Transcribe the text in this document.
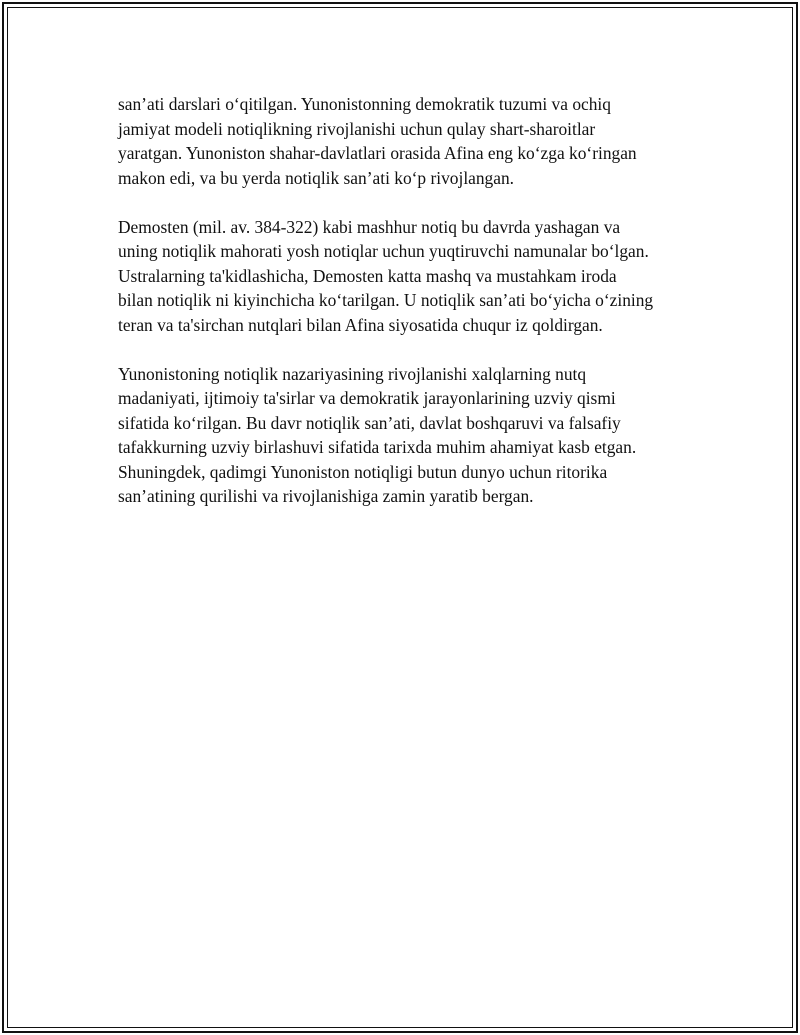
san’ati darslari o‘qitilgan. Yunonistonning demokratik tuzumi va ochiq
jamiyat modeli notiqlikning rivojlanishi uchun qulay shart-sharoitlar
yaratgan. Yunoniston shahar-davlatlari orasida Afina eng ko‘zga ko‘ringan
makon edi, va bu yerda notiqlik san’ati ko‘p rivojlangan.

Demosten (mil. av. 384-322) kabi mashhur notiq bu davrda yashagan va
uning notiqlik mahorati yosh notiqlar uchun yuqtiruvchi namunalar bo‘lgan.
Ustralarning ta'kidlashicha, Demosten katta mashq va mustahkam iroda
bilan notiqlik ni kiyinchicha ko‘tarilgan. U notiqlik san’ati bo‘yicha o‘zining
teran va ta'sirchan nutqlari bilan Afina siyosatida chuqur iz qoldirgan.

Yunonistoning notiqlik nazariyasining rivojlanishi xalqlarning nutq
madaniyati, ijtimoiy ta'sirlar va demokratik jarayonlarining uzviy qismi
sifatida ko‘rilgan. Bu davr notiqlik san’ati, davlat boshqaruvi va falsafiy
tafakkurning uzviy birlashuvi sifatida tarixda muhim ahamiyat kasb etgan.
Shuningdek, qadimgi Yunoniston notiqligi butun dunyo uchun ritorika
san’atining qurilishi va rivojlanishiga zamin yaratib bergan.
